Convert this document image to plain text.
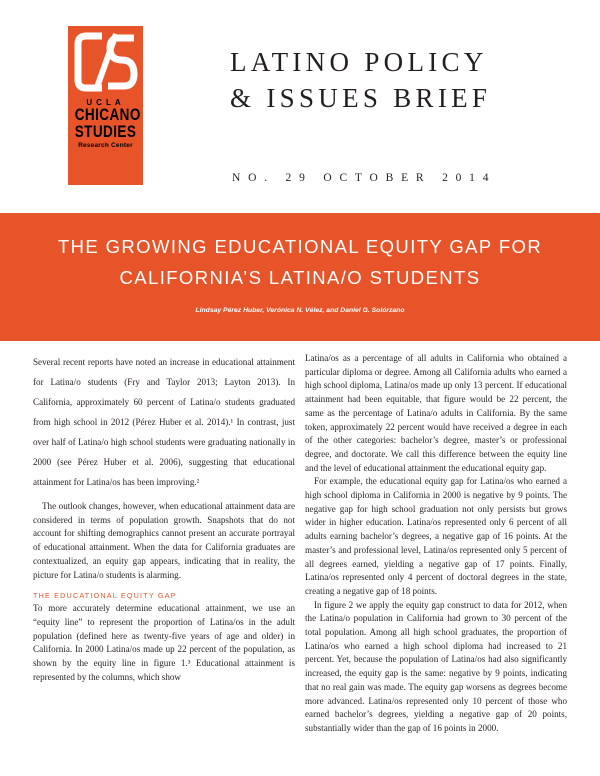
UCLA
CHICANO
STUDIES
Research Center
LATINO POLICY
& ISSUES BRIEF
NO. 29 OCTOBER 2014
THE GROWING EDUCATIONAL EQUITY GAP FOR
CALIFORNIA’S LATINA/O STUDENTS
Lindsay Pérez Huber, Verónica N. Vélez, and Daniel G. Solórzano

Several recent reports have noted an increase in educational attainment for Latina/o students (Fry and Taylor 2013; Layton 2013). In California, approximately 60 percent of Latina/o students graduated from high school in 2012 (Pérez Huber et al. 2014).¹ In contrast, just over half of Latina/o high school students were graduating nationally in 2000 (see Pérez Huber et al. 2006), suggesting that educational attainment for Latina/os has been improving.²

The outlook changes, however, when educational attainment data are considered in terms of population growth. Snapshots that do not account for shifting demographics cannot present an accurate portrayal of educational attainment. When the data for California graduates are contextualized, an equity gap appears, indicating that in reality, the picture for Latina/o students is alarming.

THE EDUCATIONAL EQUITY GAP

To more accurately determine educational attainment, we use an “equity line” to represent the proportion of Latina/os in the adult population (defined here as twenty-five years of age and older) in California. In 2000 Latina/os made up 22 percent of the population, as shown by the equity line in figure 1.³ Educational attainment is represented by the columns, which show

Latina/os as a percentage of all adults in California who obtained a particular diploma or degree. Among all California adults who earned a high school diploma, Latina/os made up only 13 percent. If educational attainment had been equitable, that figure would be 22 percent, the same as the percentage of Latina/o adults in California. By the same token, approximately 22 percent would have received a degree in each of the other categories: bachelor’s degree, master’s or professional degree, and doctorate. We call this difference between the equity line and the level of educational attainment the educational equity gap.

For example, the educational equity gap for Latina/os who earned a high school diploma in California in 2000 is negative by 9 points. The negative gap for high school graduation not only persists but grows wider in higher education. Latina/os represented only 6 percent of all adults earning bachelor’s degrees, a negative gap of 16 points. At the master’s and professional level, Latina/os represented only 5 percent of all degrees earned, yielding a negative gap of 17 points. Finally, Latina/os represented only 4 percent of doctoral degrees in the state, creating a negative gap of 18 points.

In figure 2 we apply the equity gap construct to data for 2012, when the Latina/o population in California had grown to 30 percent of the total population. Among all high school graduates, the proportion of Latina/os who earned a high school diploma had increased to 21 percent. Yet, because the population of Latina/os had also significantly increased, the equity gap is the same: negative by 9 points, indicating that no real gain was made. The equity gap worsens as degrees become more advanced. Latina/os represented only 10 percent of those who earned bachelor’s degrees, yielding a negative gap of 20 points, substantially wider than the gap of 16 points in 2000.
